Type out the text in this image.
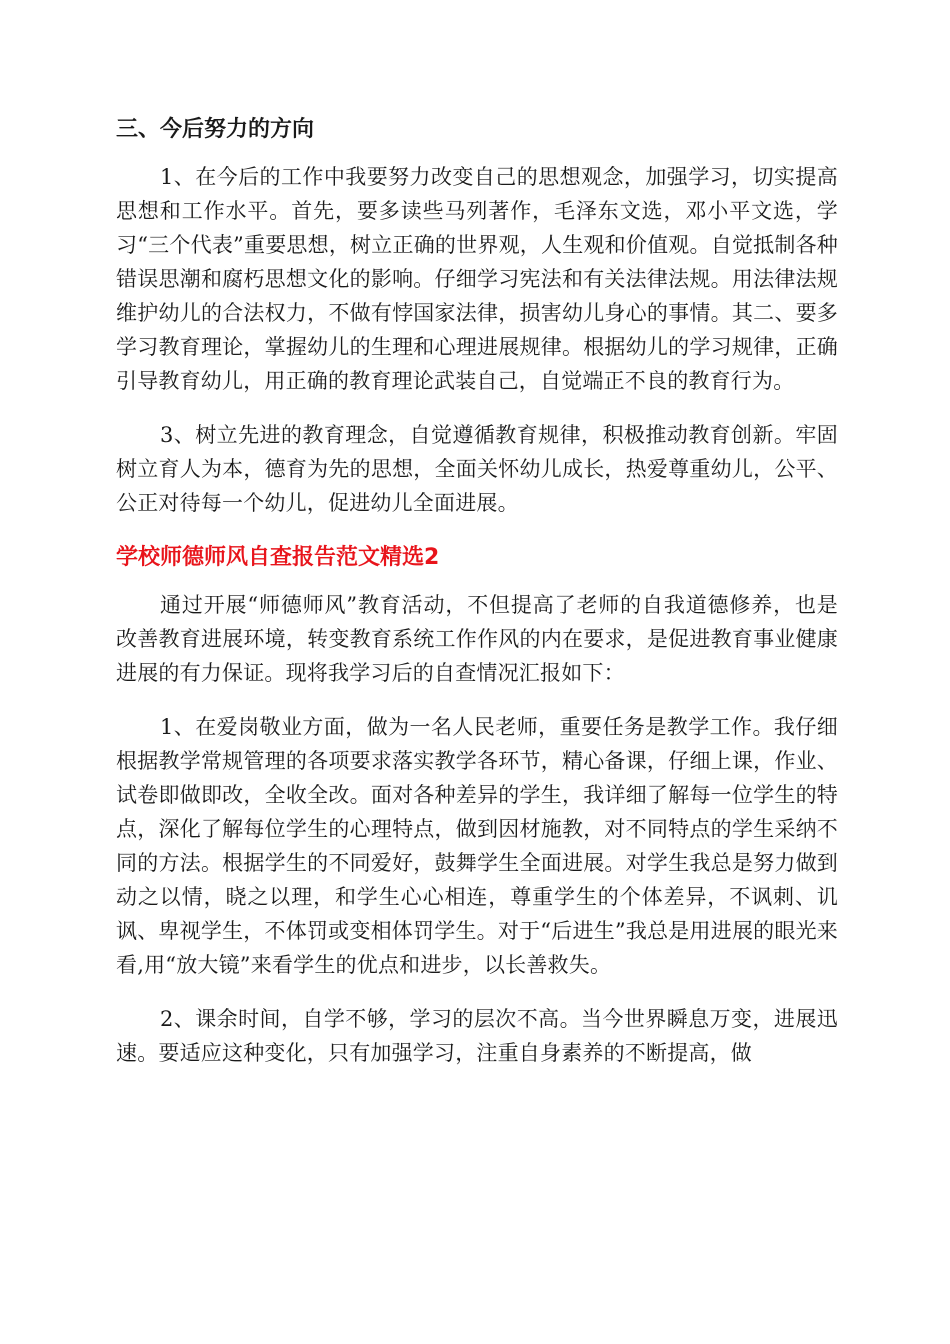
三、今后努力的方向

1、在今后的工作中我要努力改变自己的思想观念，加强学习，切实提高思想和工作水平。首先，要多读些马列著作，毛泽东文选，邓小平文选，学习“三个代表”重要思想，树立正确的世界观，人生观和价值观。自觉抵制各种错误思潮和腐朽思想文化的影响。仔细学习宪法和有关法律法规。用法律法规维护幼儿的合法权力，不做有悖国家法律，损害幼儿身心的事情。其二、要多学习教育理论，掌握幼儿的生理和心理进展规律。根据幼儿的学习规律，正确引导教育幼儿，用正确的教育理论武装自己，自觉端正不良的教育行为。

3、树立先进的教育理念，自觉遵循教育规律，积极推动教育创新。牢固树立育人为本，德育为先的思想，全面关怀幼儿成长，热爱尊重幼儿，公平、公正对待每一个幼儿，促进幼儿全面进展。

学校师德师风自查报告范文精选2

通过开展“师德师风”教育活动，不但提高了老师的自我道德修养，也是改善教育进展环境，转变教育系统工作作风的内在要求，是促进教育事业健康进展的有力保证。现将我学习后的自查情况汇报如下：

1、在爱岗敬业方面，做为一名人民老师，重要任务是教学工作。我仔细根据教学常规管理的各项要求落实教学各环节，精心备课，仔细上课，作业、试卷即做即改，全收全改。面对各种差异的学生，我详细了解每一位学生的特点，深化了解每位学生的心理特点，做到因材施教，对不同特点的学生采纳不同的方法。根据学生的不同爱好，鼓舞学生全面进展。对学生我总是努力做到动之以情，晓之以理，和学生心心相连，尊重学生的个体差异，不讽刺、讥讽、卑视学生，不体罚或变相体罚学生。对于“后进生”我总是用进展的眼光来看,用“放大镜”来看学生的优点和进步，以长善救失。

2、课余时间，自学不够，学习的层次不高。当今世界瞬息万变，进展迅速。要适应这种变化，只有加强学习，注重自身素养的不断提高，做
